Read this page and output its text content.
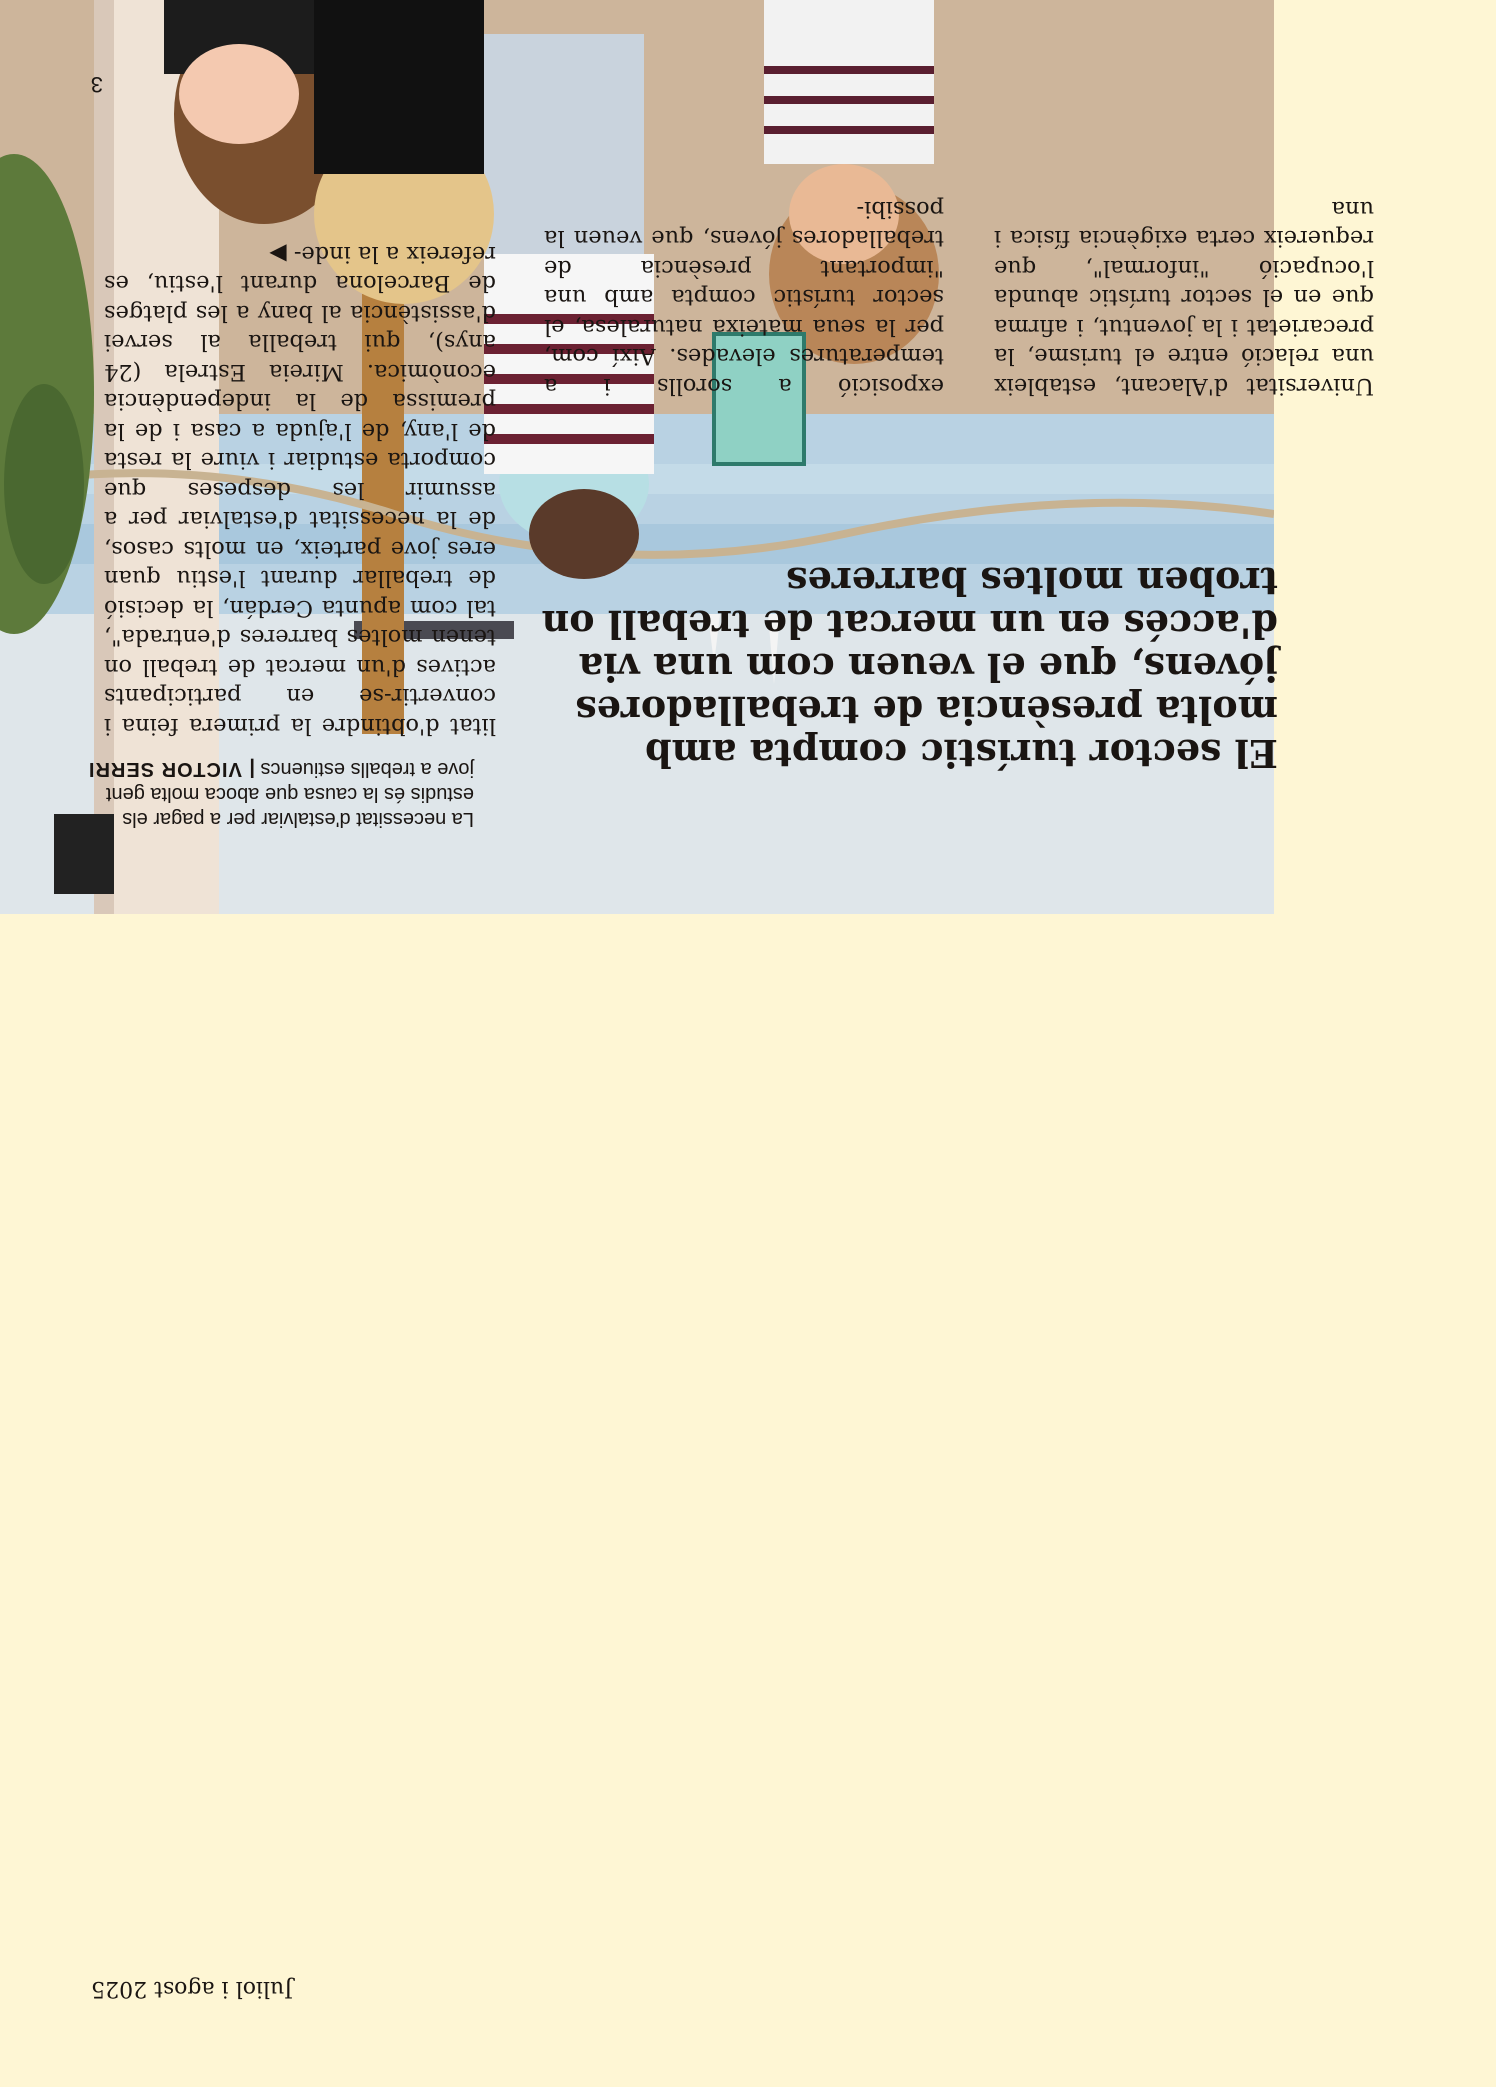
La necessitat d'estalviar per a pagar els estudis és la causa que aboca molta gent jove a treballs estiuencs | VICTOR SERRI	El sector turístic compta amb molta presència de treballadores jóvens, que el veuen com una via d'accés en un mercat de treball on troben moltes barreres
litat d'obtindre la primera feina i convertir-se en participants actives d'un mercat de treball on tenen moltes barreres d'entrada", tal com apunta Cerdán, la decisió de treballar durant l'estiu quan eres jove parteix, en molts casos, de la necessitat d'estalviar per a assumir les despeses que comporta estudiar i viure la resta de l'any, de l'ajuda a casa i de la premissa de la independència econòmica. Mireia Estrela (24 anys), qui treballa al servei d'assistència al bany a les platges de Barcelona durant l'estiu, es refereix a la inde- ▶
exposició a sorolls i a temperatures elevades. Així com, per la seua mateixa naturalesa, el sector turístic compta amb una "important presència de treballadores jóvens, que veuen la possibi-
Universitat d'Alacant, estableix una relació entre el turisme, la precarietat i la joventut, i afirma que en el sector turístic abunda l'ocupació "informal", que requereix certa exigència física i una
3
Juliol i agost 2025
